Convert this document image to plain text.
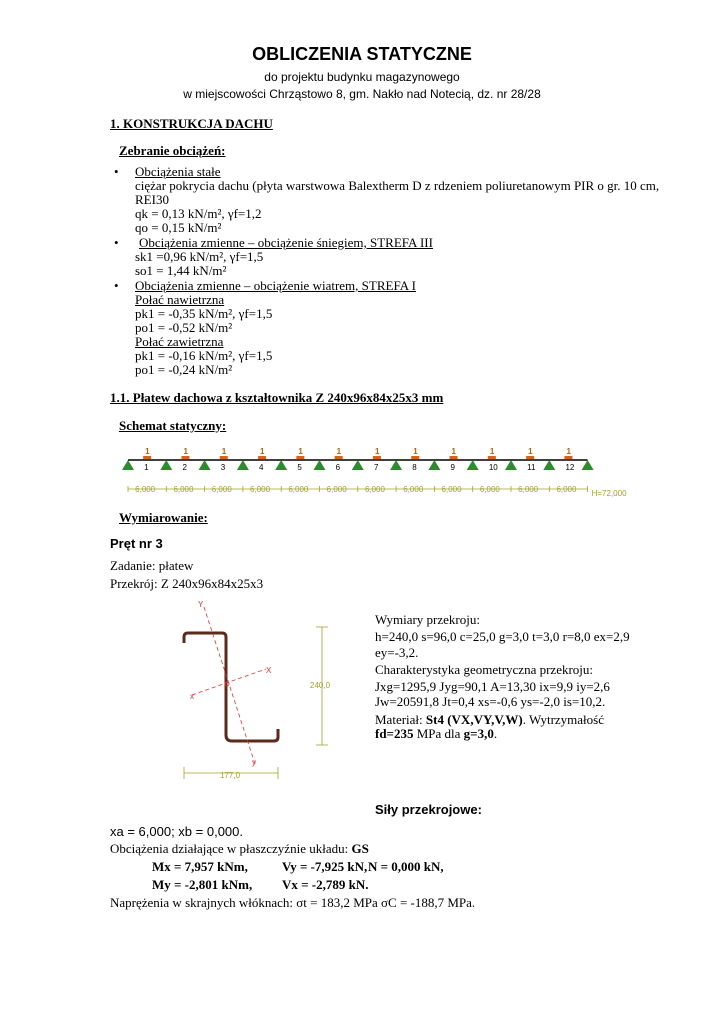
OBLICZENIA STATYCZNE
do projektu budynku magazynowego
w miejscowości Chrząstowo 8, gm. Nakło nad Notecią, dz. nr 28/28
1. KONSTRUKCJA DACHU
Zebranie obciążeń:
• Obciążenia stałe
ciężar pokrycia dachu (płyta warstwowa Balextherm D z rdzeniem poliuretanowym PIR o gr. 10 cm,
REI30
qk = 0,13 kN/m², γf=1,2
qo = 0,15 kN/m²
• Obciążenia zmienne – obciążenie śniegiem, STREFA III
sk1 =0,96 kN/m², γf=1,5
so1 = 1,44 kN/m²
• Obciążenia zmienne – obciążenie wiatrem, STREFA I
Połać nawietrzna
pk1 = -0,35 kN/m², γf=1,5
po1 = -0,52 kN/m²
Połać zawietrzna
pk1 = -0,16 kN/m², γf=1,5
po1 = -0,24 kN/m²
1.1. Płatew dachowa z kształtownika Z 240x96x84x25x3 mm
Schemat statyczny:
1
1
6,000
1
2
6,000
1
3
6,000
1
4
6,000
1
5
6,000
1
6
6,000
1
7
6,000
1
8
6,000
1
9
6,000
1
10
6,000
1
11
6,000
1
12
6,000 H=72,000
Wymiarowanie:
Pręt nr 3
Zadanie: płatew
Przekrój: Z 240x96x84x25x3
Y
X
x
y
240,0
177,0
Wymiary przekroju:
h=240,0 s=96,0 c=25,0 g=3,0 t=3,0 r=8,0 ex=2,9
ey=-3,2.
Charakterystyka geometryczna przekroju:
Jxg=1295,9 Jyg=90,1 A=13,30 ix=9,9 iy=2,6
Jw=20591,8 Jt=0,4 xs=-0,6 ys=-2,0 is=10,2.
Materiał: St4 (VX,VY,V,W). Wytrzymałość
fd=235 MPa dla g=3,0.
Siły przekrojowe:
xa = 6,000; xb = 0,000.
Obciążenia działające w płaszczyźnie układu: GS
Mx = 7,957 kNm,	Vy = -7,925 kN, N = 0,000 kN,
My = -2,801 kNm, Vx = -2,789 kN.
Naprężenia w skrajnych włóknach: σt = 183,2 MPa σC = -188,7 MPa.
